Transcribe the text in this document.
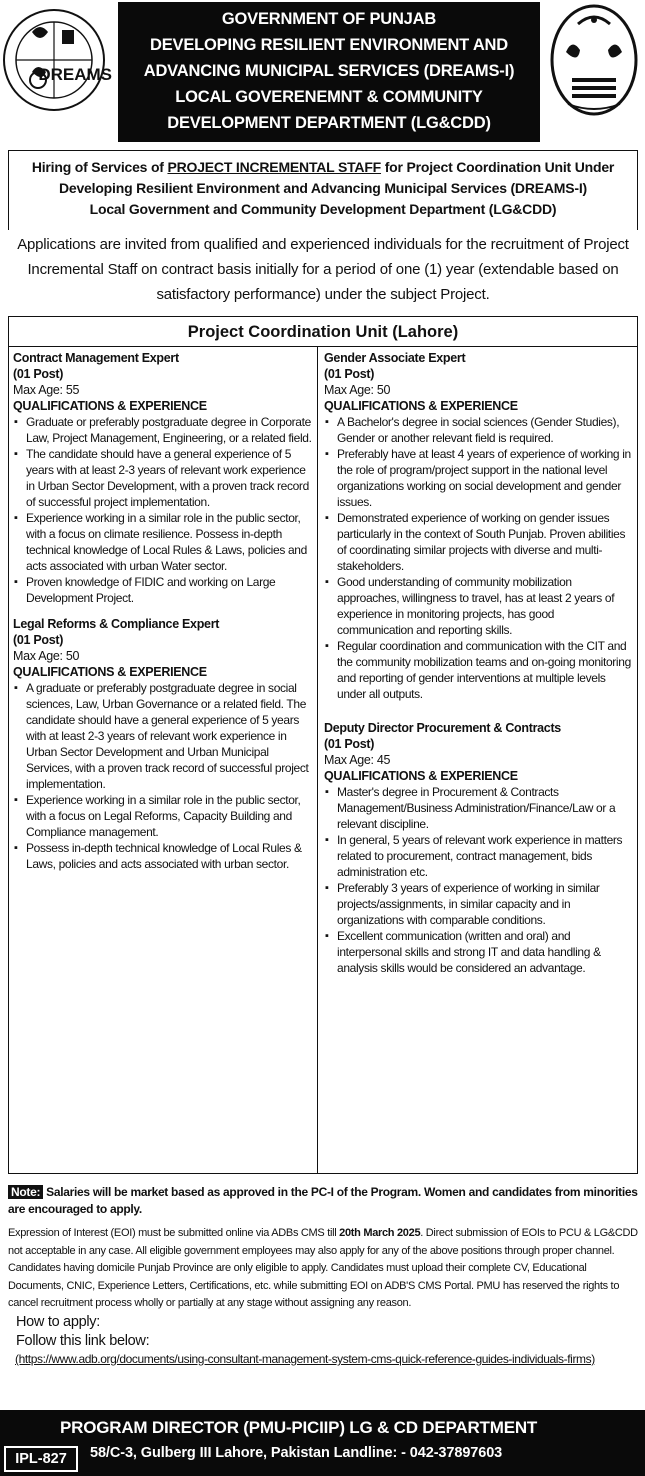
DREAMS
GOVERNMENT OF PUNJAB
DEVELOPING RESILIENT ENVIRONMENT AND
ADVANCING MUNICIPAL SERVICES (DREAMS-I)
LOCAL GOVERENEMNT & COMMUNITY
DEVELOPMENT DEPARTMENT (LG&CDD)
Hiring of Services of PROJECT INCREMENTAL STAFF for Project Coordination Unit Under
Developing Resilient Environment and Advancing Municipal Services (DREAMS-I)
Local Government and Community Development Department (LG&CDD)
Applications are invited from qualified and experienced individuals for the recruitment of Project Incremental Staff on contract basis initially for a period of one (1) year (extendable based on satisfactory performance) under the subject Project.
Project Coordination Unit (Lahore)
Contract Management Expert
(01 Post)
Max Age: 55
QUALIFICATIONS & EXPERIENCE
▪ Graduate or preferably postgraduate degree in Corporate Law, Project Management, Engineering, or a related field.
▪ The candidate should have a general experience of 5 years with at least 2-3 years of relevant work experience in Urban Sector Development, with a proven track record of successful project implementation.
▪ Experience working in a similar role in the public sector, with a focus on climate resilience. Possess in-depth technical knowledge of Local Rules & Laws, policies and acts associated with urban Water sector.
▪ Proven knowledge of FIDIC and working on Large Development Project.
Legal Reforms & Compliance Expert
(01 Post)
Max Age: 50
QUALIFICATIONS & EXPERIENCE
▪ A graduate or preferably postgraduate degree in social sciences, Law, Urban Governance or a related field. The candidate should have a general experience of 5 years with at least 2-3 years of relevant work experience in Urban Sector Development and Urban Municipal Services, with a proven track record of successful project implementation.
▪ Experience working in a similar role in the public sector, with a focus on Legal Reforms, Capacity Building and Compliance management.
▪ Possess in-depth technical knowledge of Local Rules & Laws, policies and acts associated with urban sector.
Gender Associate Expert
(01 Post)
Max Age: 50
QUALIFICATIONS & EXPERIENCE
▪ A Bachelor's degree in social sciences (Gender Studies), Gender or another relevant field is required.
▪ Preferably have at least 4 years of experience of working in the role of program/project support in the national level organizations working on social development and gender issues.
▪ Demonstrated experience of working on gender issues particularly in the context of South Punjab. Proven abilities of coordinating similar projects with diverse and multi-stakeholders.
▪ Good understanding of community mobilization approaches, willingness to travel, has at least 2 years of experience in monitoring projects, has good communication and reporting skills.
▪ Regular coordination and communication with the CIT and the community mobilization teams and on-going monitoring and reporting of gender interventions at multiple levels under all outputs.
Deputy Director Procurement & Contracts
(01 Post)
Max Age: 45
QUALIFICATIONS & EXPERIENCE
▪ Master's degree in Procurement & Contracts Management/Business Administration/Finance/Law or a relevant discipline.
▪ In general, 5 years of relevant work experience in matters related to procurement, contract management, bids administration etc.
▪ Preferably 3 years of experience of working in similar projects/assignments, in similar capacity and in organizations with comparable conditions.
▪ Excellent communication (written and oral) and interpersonal skills and strong IT and data handling & analysis skills would be considered an advantage.
Note: Salaries will be market based as approved in the PC-I of the Program. Women and candidates from minorities are encouraged to apply.
Expression of Interest (EOI) must be submitted online via ADBs CMS till 20th March 2025. Direct submission of EOIs to PCU & LG&CDD not acceptable in any case. All eligible government employees may also apply for any of the above positions through proper channel. Candidates having domicile Punjab Province are only eligible to apply. Candidates must upload their complete CV, Educational Documents, CNIC, Experience Letters, Certifications, etc. while submitting EOI on ADB'S CMS Portal. PMU has reserved the rights to cancel recruitment process wholly or partially at any stage without assigning any reason.
How to apply:
Follow this link below:
(https://www.adb.org/documents/using-consultant-management-system-cms-quick-reference-guides-individuals-firms)
PROGRAM DIRECTOR (PMU-PICIIP) LG & CD DEPARTMENT
58/C-3, Gulberg III Lahore, Pakistan Landline: - 042-37897603
IPL-827
